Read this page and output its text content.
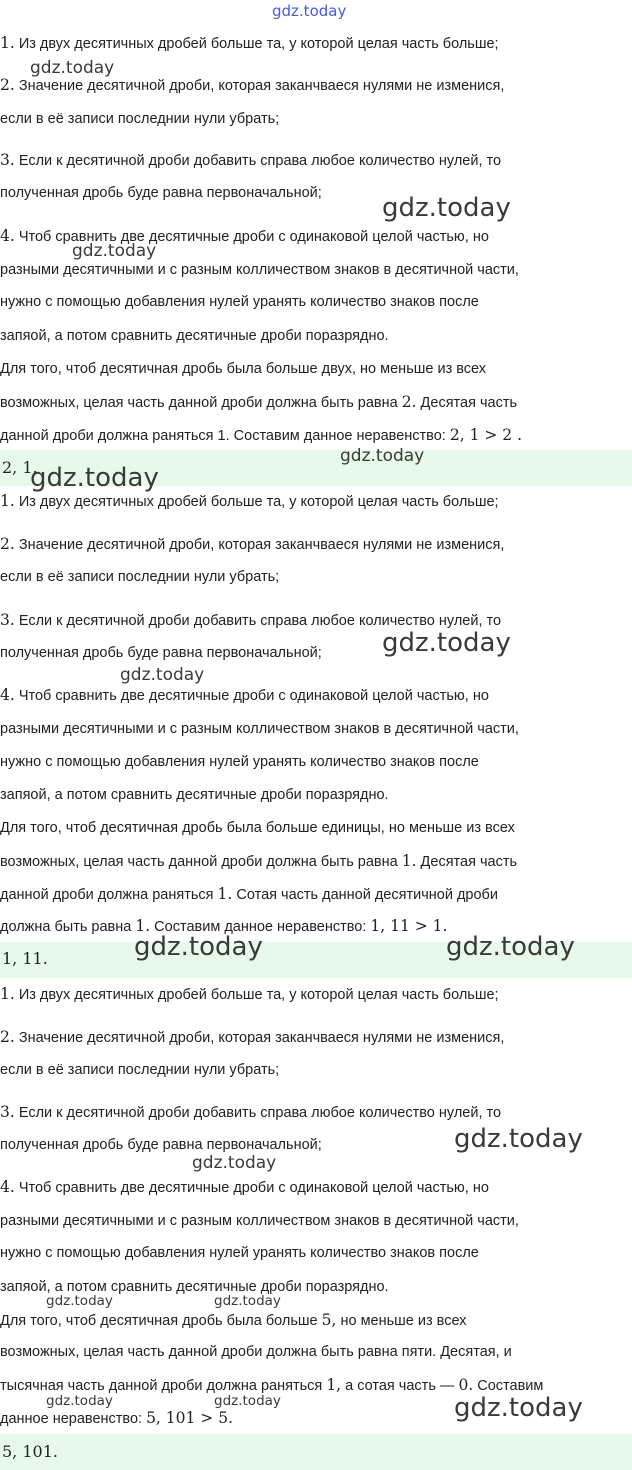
1. Из двух десятичных дробей больше та, у которой целая часть больше;
2. Значение десятичной дроби, которая заканчваеся нулями не изменися,
если в её записи последнии нули убрать;
3. Если к десятичной дроби добавить справа любое количество нулей, то
полученная дробь буде равна первоначальной;
4. Чтоб сравнить две десятичные дроби с одинаковой целой частью, но
разными десятичными и с разным колличеством знаков в десятичной части,
нужно с помощью добавления нулей уранять количество знаков после
запяой, а потом сравнить десятичные дроби поразрядно.
Для того, чтоб десятичная дробь была больше двух, но меньше из всех
возможных, целая часть данной дроби должна быть равна 2. Десятая часть
данной дроби должна раняться 1. Составим данное неравенство: 2, 1 > 2 .
2, 1.
1. Из двух десятичных дробей больше та, у которой целая часть больше;
2. Значение десятичной дроби, которая заканчваеся нулями не изменися,
если в её записи последнии нули убрать;
3. Если к десятичной дроби добавить справа любое количество нулей, то
полученная дробь буде равна первоначальной;
4. Чтоб сравнить две десятичные дроби с одинаковой целой частью, но
разными десятичными и с разным колличеством знаков в десятичной части,
нужно с помощью добавления нулей уранять количество знаков после
запяой, а потом сравнить десятичные дроби поразрядно.
Для того, чтоб десятичная дробь была больше единицы, но меньше из всех
возможных, целая часть данной дроби должна быть равна 1. Десятая часть
данной дроби должна раняться 1. Сотая часть данной десятичной дроби
должна быть равна 1. Составим данное неравенство: 1, 11 > 1.
1, 11.
1. Из двух десятичных дробей больше та, у которой целая часть больше;
2. Значение десятичной дроби, которая заканчваеся нулями не изменися,
если в её записи последнии нули убрать;
3. Если к десятичной дроби добавить справа любое количество нулей, то
полученная дробь буде равна первоначальной;
4. Чтоб сравнить две десятичные дроби с одинаковой целой частью, но
разными десятичными и с разным колличеством знаков в десятичной части,
нужно с помощью добавления нулей уранять количество знаков после
запяой, а потом сравнить десятичные дроби поразрядно.
Для того, чтоб десятичная дробь была больше 5, но меньше из всех
возможных, целая часть данной дроби должна быть равна пяти. Десятая, и
тысячная часть данной дроби должна раняться 1, а сотая часть — 0. Составим
данное неравенство: 5, 101 > 5.
5, 101.
gdz.today
gdz.today
gdz.today
gdz.today
gdz.today
gdz.today
gdz.today
gdz.today
gdz.today	gdz.today
gdz.today
gdz.today
gdz.today	gdz.today
gdz.today	gdz.today	gdz.today
